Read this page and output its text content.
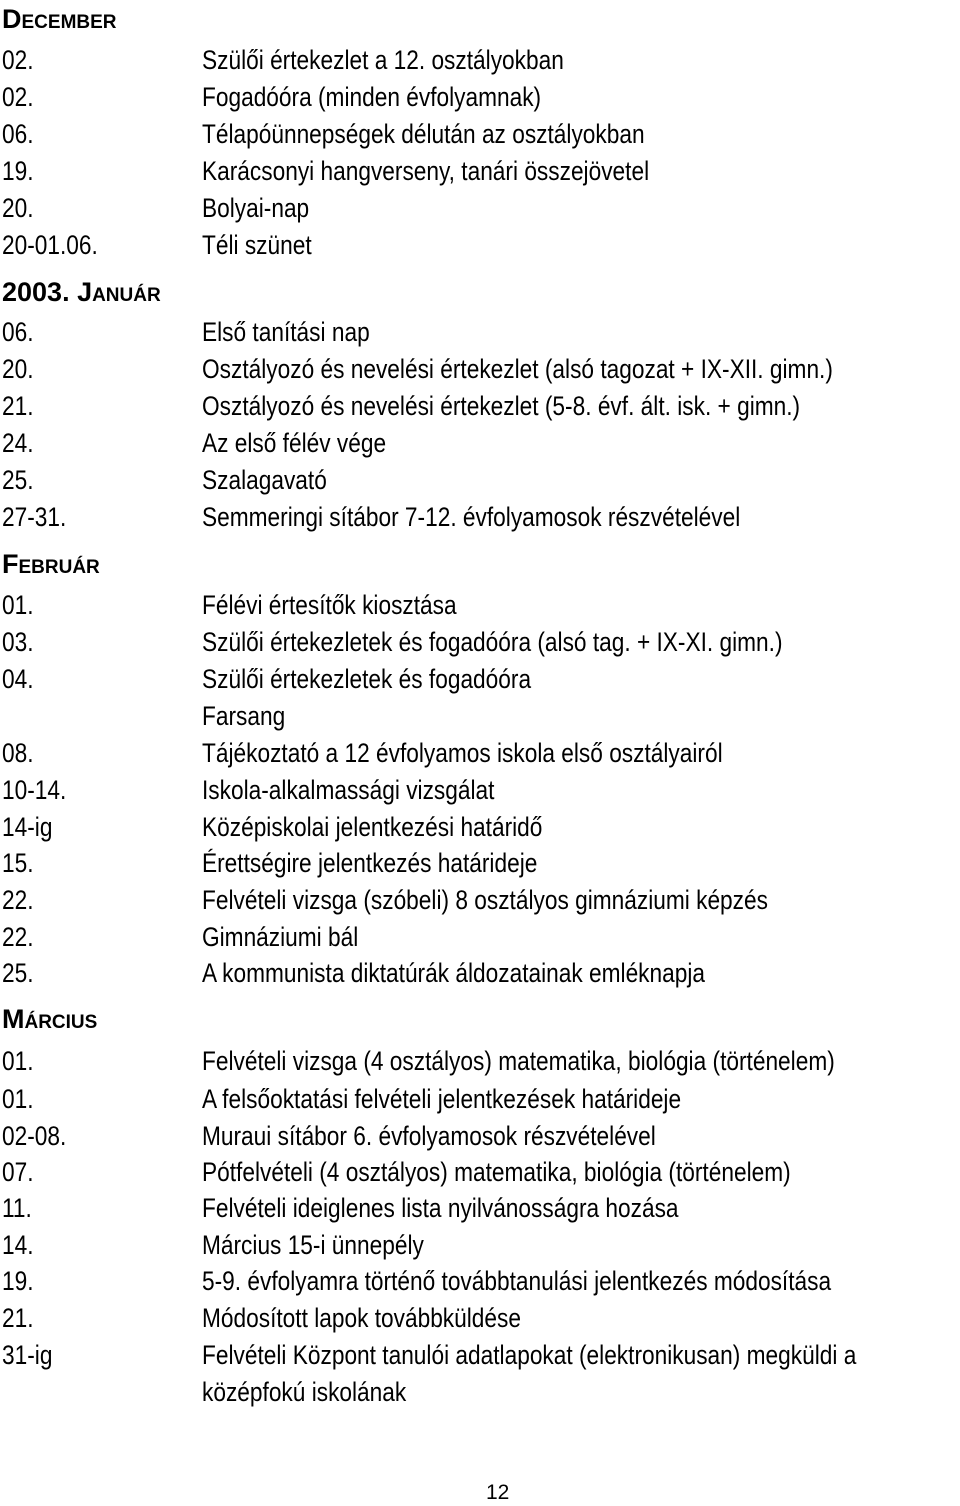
December
02.	Szülői értekezlet a 12. osztályokban
02.	Fogadóóra (minden évfolyamnak)
06.	Télapóünnepségek délután az osztályokban
19.	Karácsonyi hangverseny, tanári összejövetel
20.	Bolyai-nap
20-01.06.	Téli szünet
2003. Január
06.	Első tanítási nap
20.	Osztályozó és nevelési értekezlet (alsó tagozat + IX-XII. gimn.)
21.	Osztályozó és nevelési értekezlet (5-8. évf. ált. isk. + gimn.)
24.	Az első félév vége
25.	Szalagavató
27-31.	Semmeringi sítábor 7-12. évfolyamosok részvételével
Február
01.	Félévi értesítők kiosztása
03.	Szülői értekezletek és fogadóóra (alsó tag. + IX-XI. gimn.)
04.	Szülői értekezletek és fogadóóra
Farsang
08.	Tájékoztató a 12 évfolyamos iskola első osztályairól
10-14.	Iskola-alkalmassági vizsgálat
14-ig	Középiskolai jelentkezési határidő
15.	Érettségire jelentkezés határideje
22.	Felvételi vizsga (szóbeli) 8 osztályos gimnáziumi képzés
22.	Gimnáziumi bál
25.	A kommunista diktatúrák áldozatainak emléknapja
Március
01.	Felvételi vizsga (4 osztályos) matematika, biológia (történelem)
01.	A felsőoktatási felvételi jelentkezések határideje
02-08.	Muraui sítábor 6. évfolyamosok részvételével
07.	Pótfelvételi (4 osztályos) matematika, biológia (történelem)
11.	Felvételi ideiglenes lista nyilvánosságra hozása
14.	Március 15-i ünnepély
19.	5-9. évfolyamra történő továbbtanulási jelentkezés módosítása
21.	Módosított lapok továbbküldése
31-ig	Felvételi Központ tanulói adatlapokat (elektronikusan) megküldi a
középfokú iskolának
12
